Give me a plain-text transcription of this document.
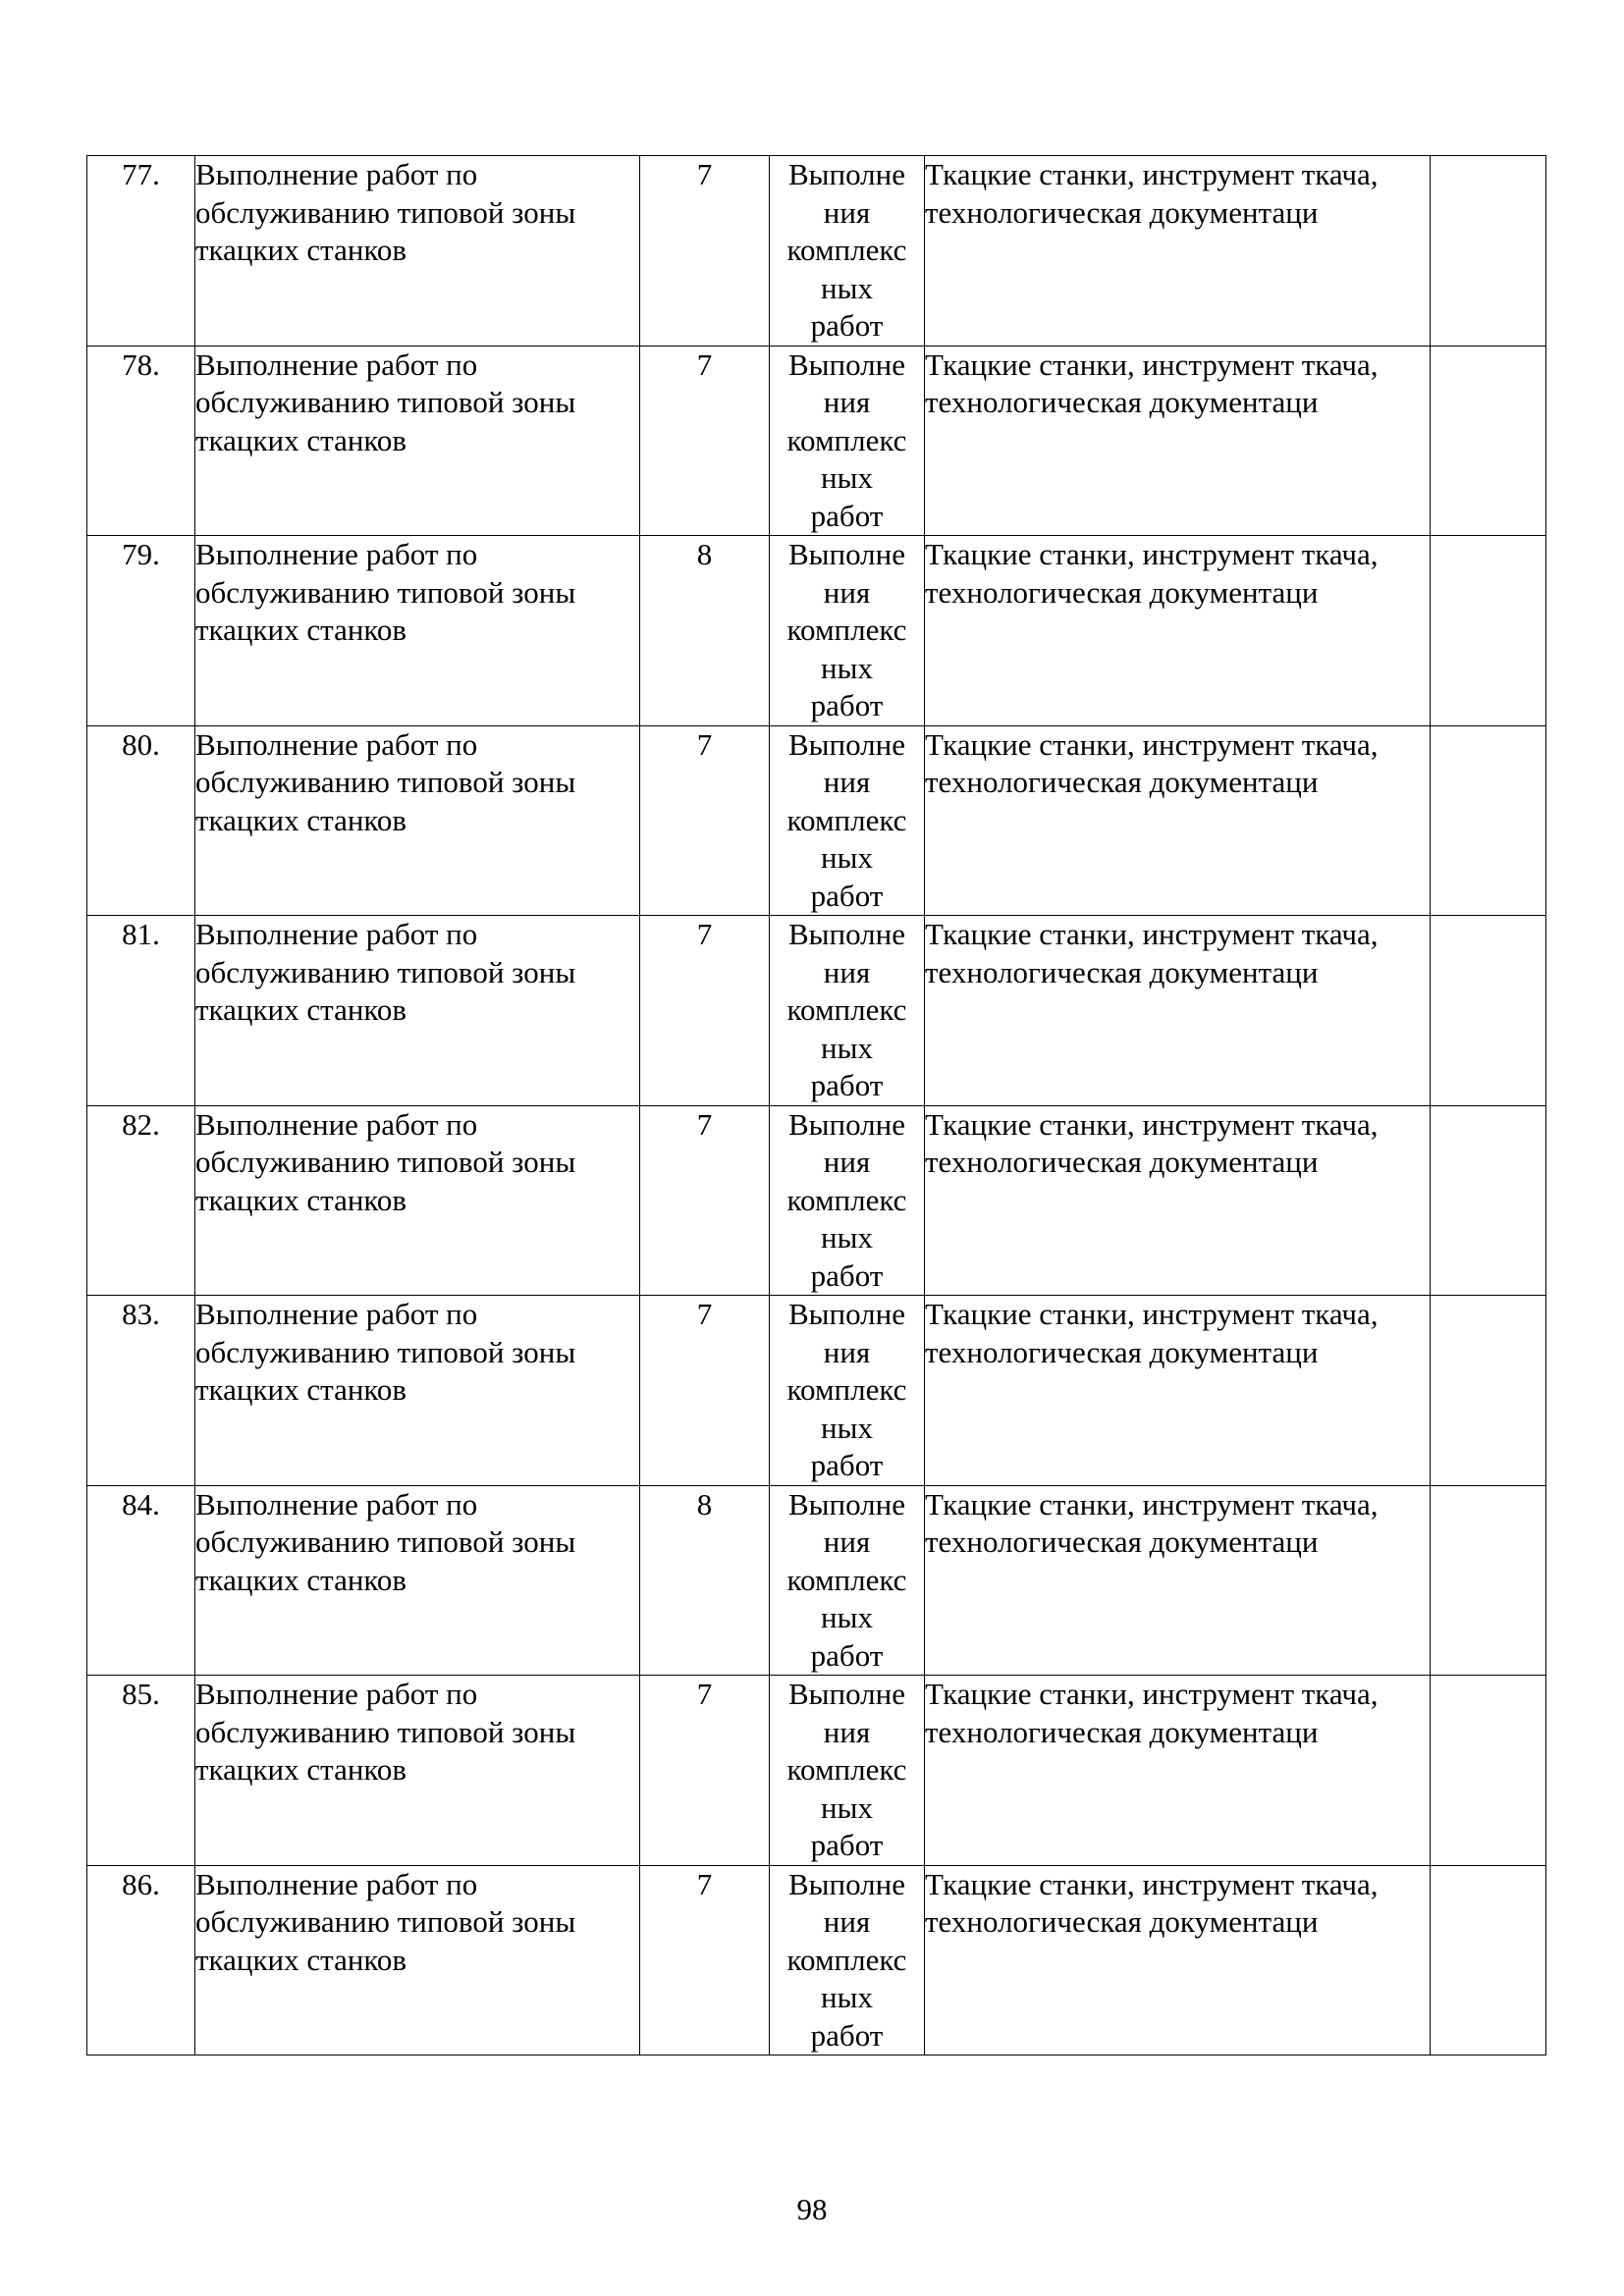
77.	Выполнение работ по обслуживанию типовой зоны ткацких станков	7	Выполне
ния
комплекс
ных
работ	Ткацкие станки, инструмент ткача, технологическая документаци	
78.	Выполнение работ по обслуживанию типовой зоны ткацких станков	7	Выполне
ния
комплекс
ных
работ	Ткацкие станки, инструмент ткача, технологическая документаци	
79.	Выполнение работ по обслуживанию типовой зоны ткацких станков	8	Выполне
ния
комплекс
ных
работ	Ткацкие станки, инструмент ткача, технологическая документаци	
80.	Выполнение работ по обслуживанию типовой зоны ткацких станков	7	Выполне
ния
комплекс
ных
работ	Ткацкие станки, инструмент ткача, технологическая документаци	
81.	Выполнение работ по обслуживанию типовой зоны ткацких станков	7	Выполне
ния
комплекс
ных
работ	Ткацкие станки, инструмент ткача, технологическая документаци	
82.	Выполнение работ по обслуживанию типовой зоны ткацких станков	7	Выполне
ния
комплекс
ных
работ	Ткацкие станки, инструмент ткача, технологическая документаци	
83.	Выполнение работ по обслуживанию типовой зоны ткацких станков	7	Выполне
ния
комплекс
ных
работ	Ткацкие станки, инструмент ткача, технологическая документаци	
84.	Выполнение работ по обслуживанию типовой зоны ткацких станков	8	Выполне
ния
комплекс
ных
работ	Ткацкие станки, инструмент ткача, технологическая документаци	
85.	Выполнение работ по обслуживанию типовой зоны ткацких станков	7	Выполне
ния
комплекс
ных
работ	Ткацкие станки, инструмент ткача, технологическая документаци	
86.	Выполнение работ по обслуживанию типовой зоны ткацких станков	7	Выполне
ния
комплекс
ных
работ	Ткацкие станки, инструмент ткача, технологическая документаци	
98
